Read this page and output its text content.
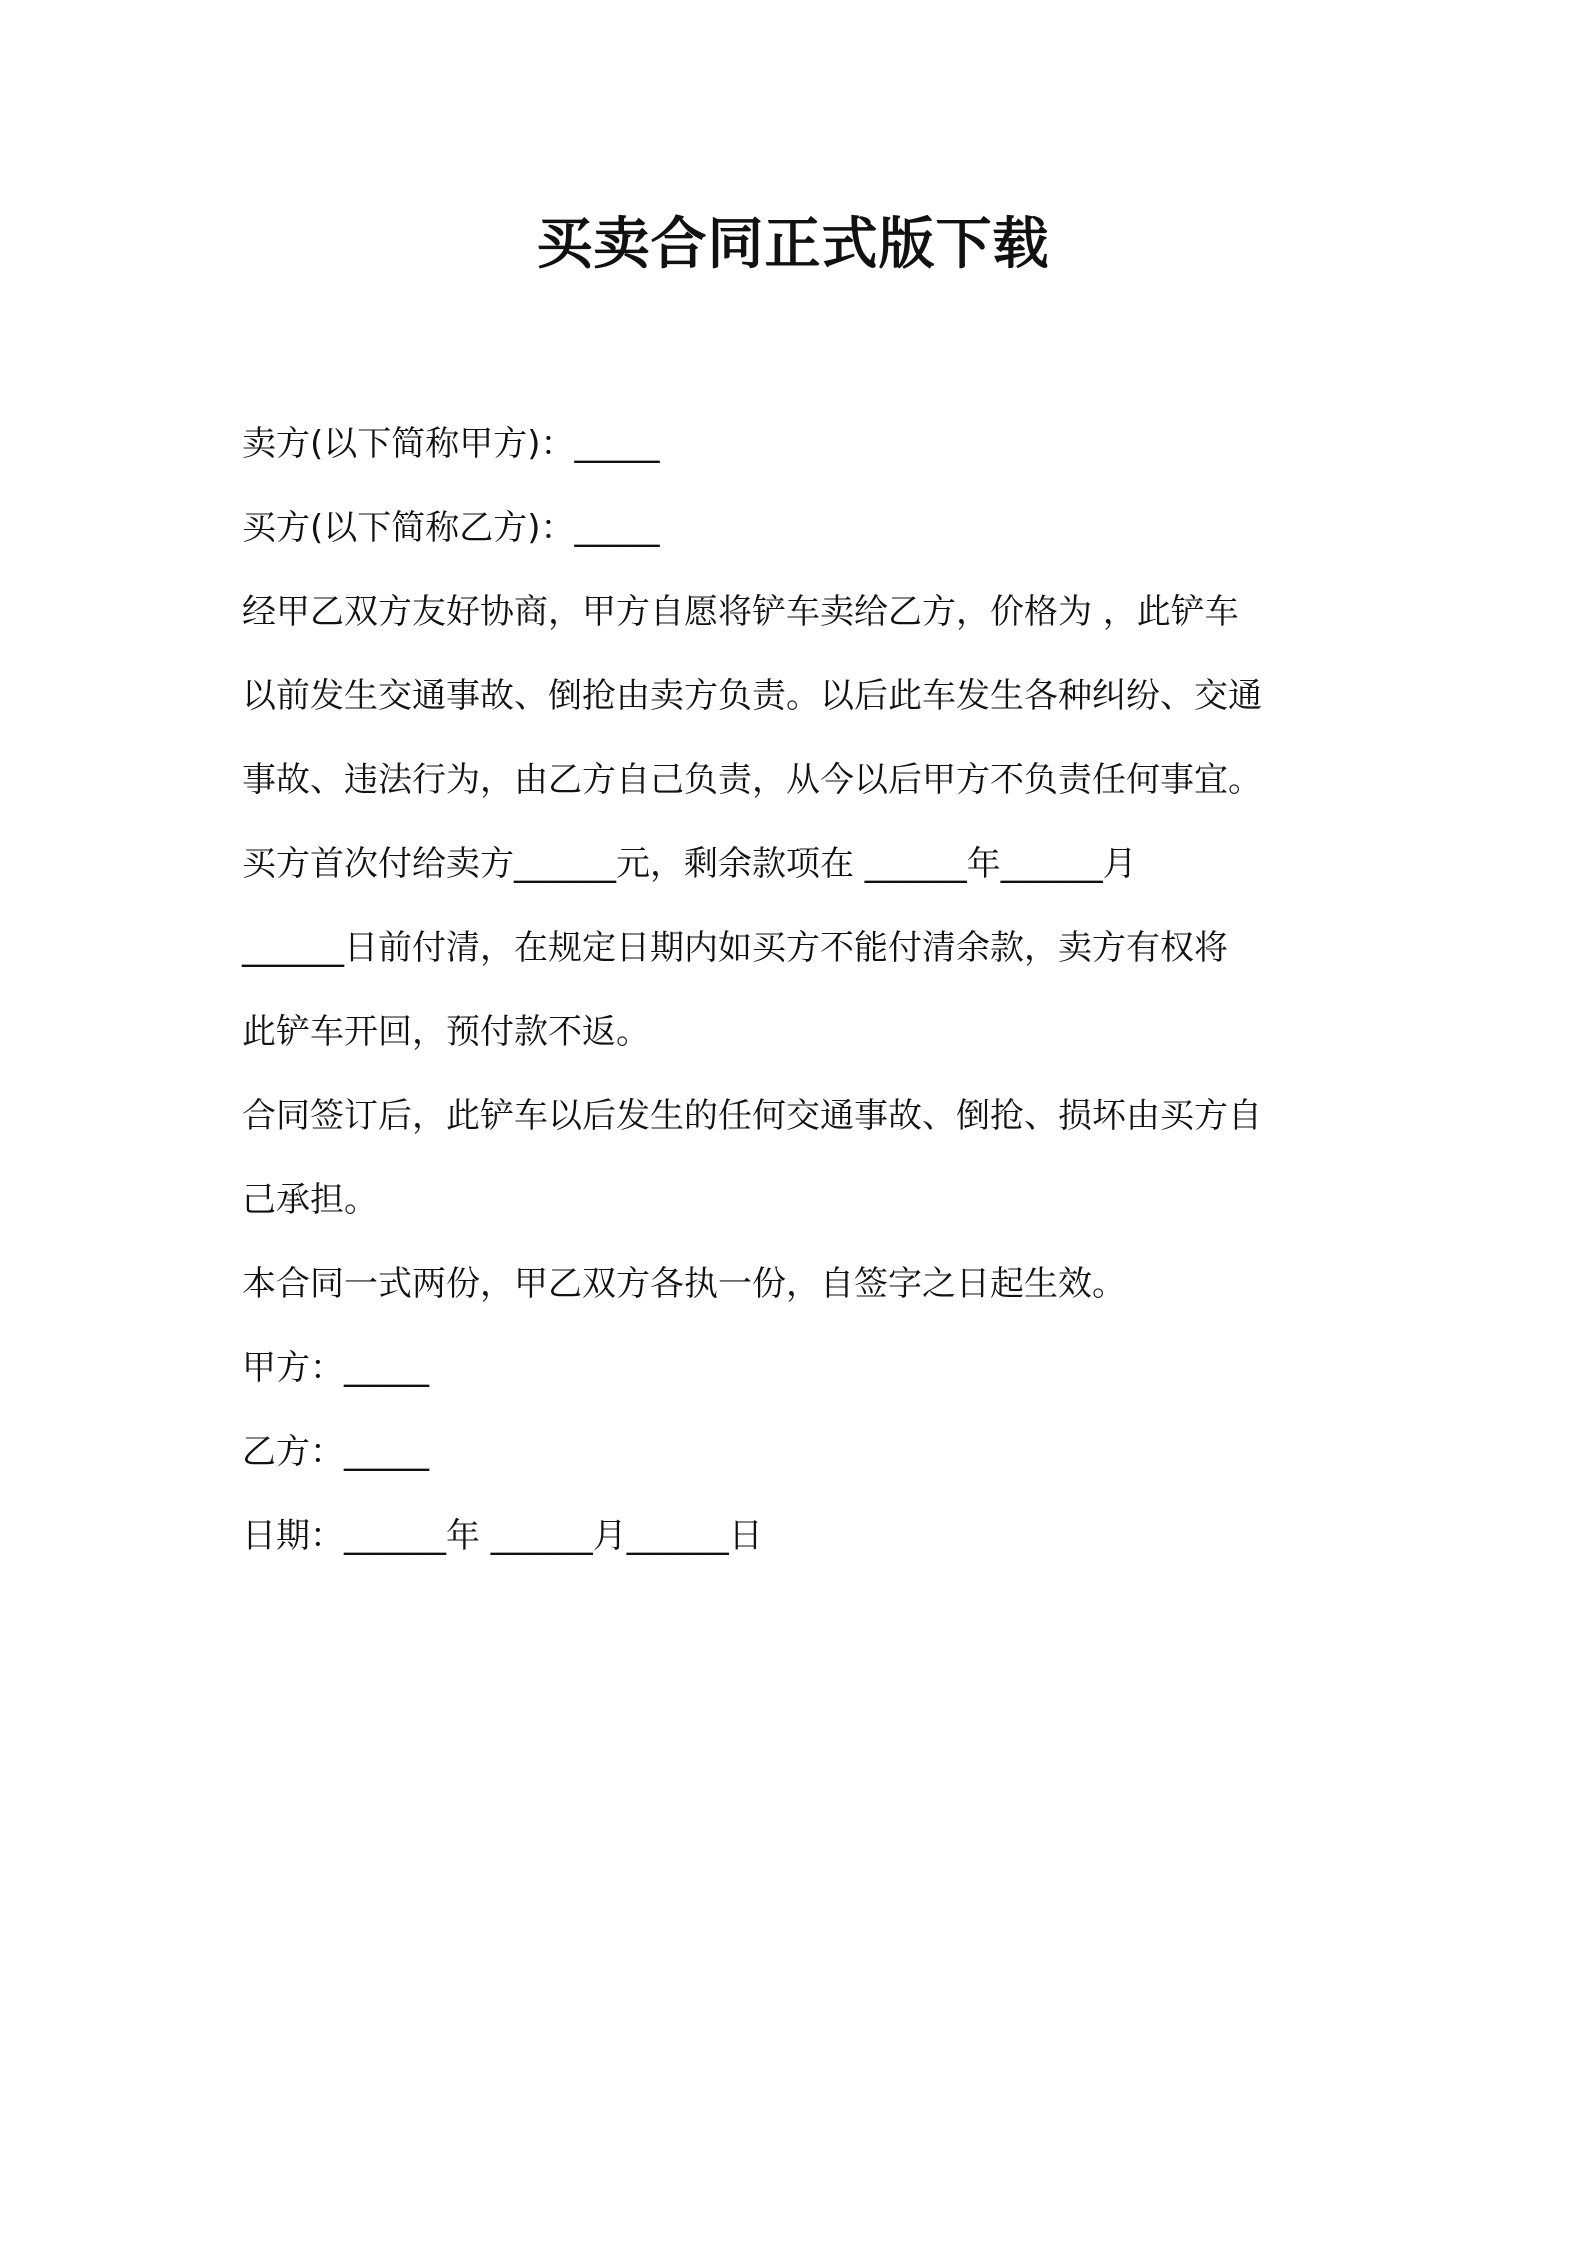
买卖合同正式版下载
卖方(以下简称甲方)：_____
买方(以下简称乙方)：_____
经甲乙双方友好协商，甲方自愿将铲车卖给乙方，价格为 ，此铲车
以前发生交通事故、倒抢由卖方负责。以后此车发生各种纠纷、交通
事故、违法行为，由乙方自己负责，从今以后甲方不负责任何事宜。
买方首次付给卖方______元，剩余款项在 ______年______月
______日前付清，在规定日期内如买方不能付清余款，卖方有权将
此铲车开回，预付款不返。
合同签订后，此铲车以后发生的任何交通事故、倒抢、损坏由买方自
己承担。
本合同一式两份，甲乙双方各执一份，自签字之日起生效。
甲方：_____
乙方：_____
日期：______年 ______月______日
